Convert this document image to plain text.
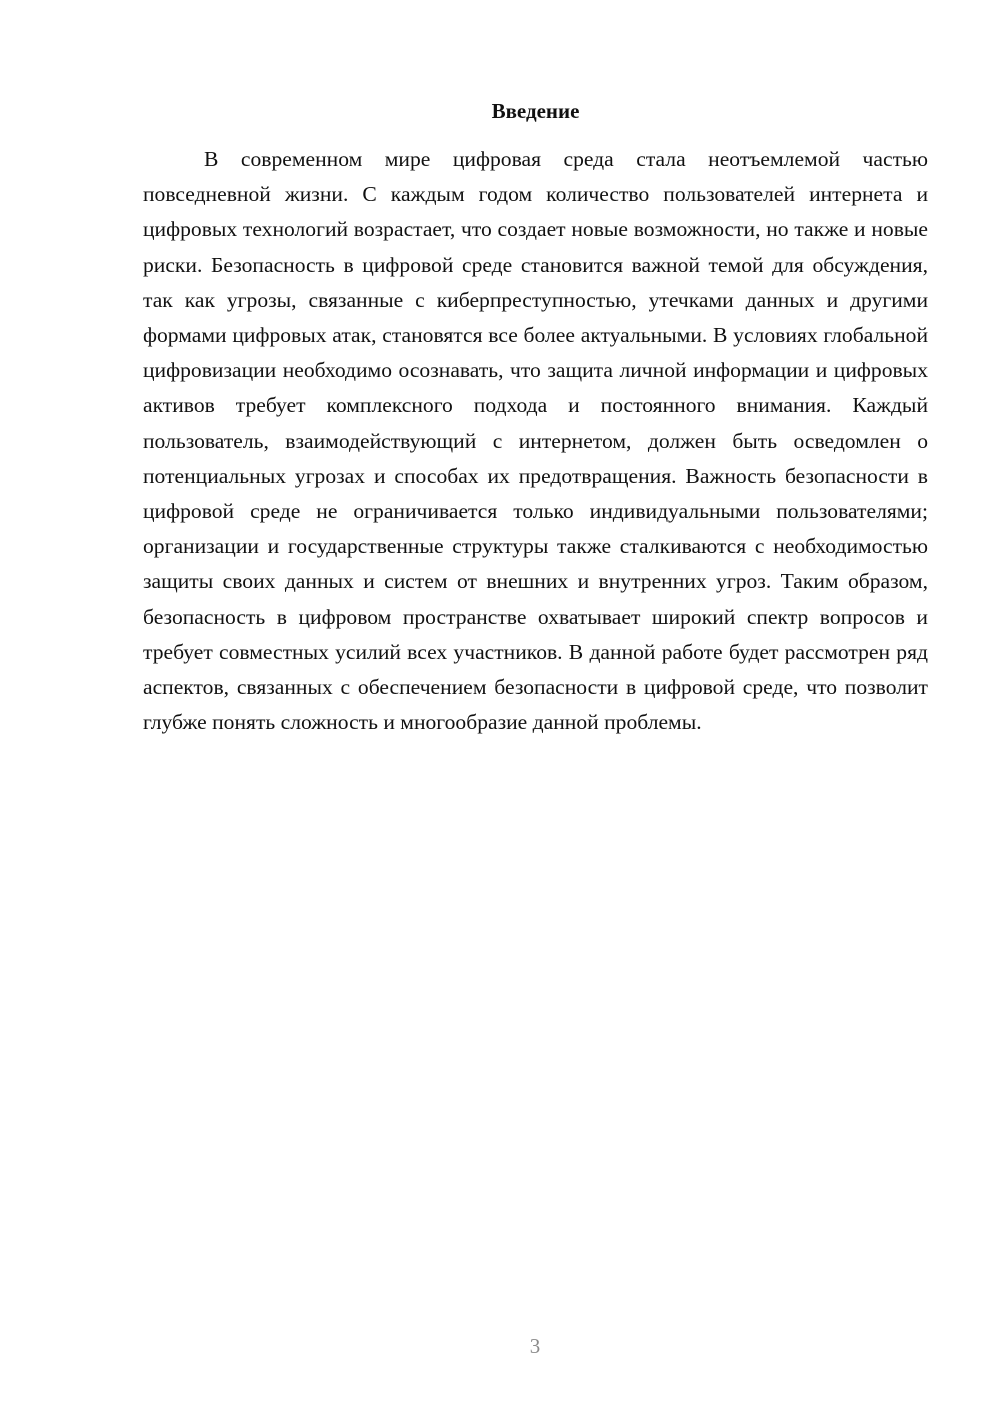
Введение

В современном мире цифровая среда стала неотъемлемой частью повседневной жизни. С каждым годом количество пользователей интернета и цифровых технологий возрастает, что создает новые возможности, но также и новые риски. Безопасность в цифровой среде становится важной темой для обсуждения, так как угрозы, связанные с киберпреступностью, утечками данных и другими формами цифровых атак, становятся все более актуальными. В условиях глобальной цифровизации необходимо осознавать, что защита личной информации и цифровых активов требует комплексного подхода и постоянного внимания. Каждый пользователь, взаимодействующий с интернетом, должен быть осведомлен о потенциальных угрозах и способах их предотвращения. Важность безопасности в цифровой среде не ограничивается только индивидуальными пользователями; организации и государственные структуры также сталкиваются с необходимостью защиты своих данных и систем от внешних и внутренних угроз. Таким образом, безопасность в цифровом пространстве охватывает широкий спектр вопросов и требует совместных усилий всех участников. В данной работе будет рассмотрен ряд аспектов, связанных с обеспечением безопасности в цифровой среде, что позволит глубже понять сложность и многообразие данной проблемы.

3
